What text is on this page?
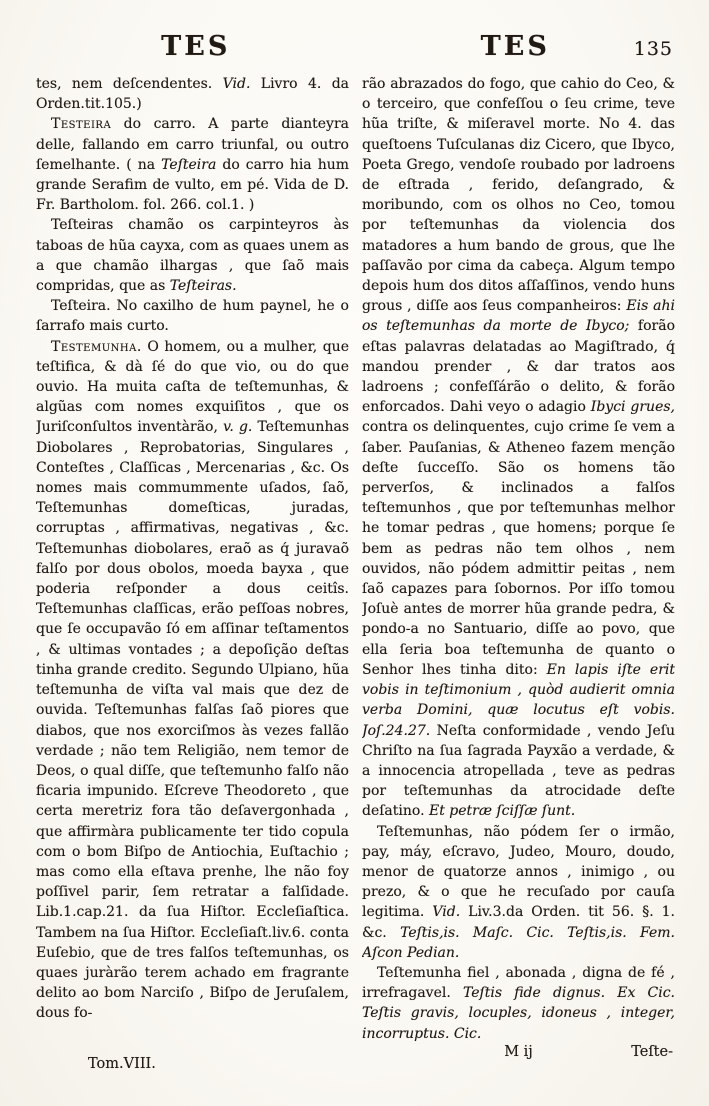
TES	TES	135

tes, nem deſcendentes. Vid. Livro 4. da Orden.tit.105.)

Testeira do carro. A parte dianteyra delle, fallando em carro triunfal, ou outro ſemelhante. ( na Teſteira do carro hia hum grande Serafim de vulto, em pé. Vida de D. Fr. Bartholom. fol. 266. col.1. )

Teſteiras chamão os carpinteyros às taboas de hũa cayxa, com as quaes unem as a que chamão ilhargas , que ſaõ mais compridas, que as Teſteiras.

Teſteira. No caxilho de hum paynel, he o ſarrafo mais curto.

Testemunha. O homem, ou a mulher, que teſtifica, & dà ſé do que vio, ou do que ouvio. Ha muita caſta de teſtemunhas, & algũas com nomes exquiſitos , que os Juriſconſultos inventàrão, v. g. Teſtemunhas Diobolares , Reprobatorias, Singulares , Conteſtes , Claſſicas , Mercenarias , &c. Os nomes mais commummente uſados, ſaõ, Teſtemunhas domeſticas, juradas, corruptas , affirmativas, negativas , &c. Teſtemunhas diobolares, eraõ as q́ juravaõ falſo por dous obolos, moeda bayxa , que poderia reſponder a dous ceitîs. Teſtemunhas claſſicas, erão peſſoas nobres, que ſe occupavão ſó em aſſinar teſtamentos , & ultimas vontades ; a depoſição deſtas tinha grande credito. Segundo Ulpiano, hũa teſtemunha de viſta val mais que dez de ouvida. Teſtemunhas falſas ſaõ piores que diabos, que nos exorciſmos às vezes fallão verdade ; não tem Religião, nem temor de Deos, o qual diſſe, que teſtemunho falſo não ficaria impunido. Eſcreve Theodoreto , que certa meretriz fora tão deſavergonhada , que affirmàra publicamente ter tido copula com o bom Biſpo de Antiochia, Euſtachio ; mas como ella eſtava prenhe, lhe não foy poſſivel parir, ſem retratar a falſidade. Lib.1.cap.21. da ſua Hiſtor. Eccleſiaſtica. Tambem na ſua Hiſtor. Eccleſiaſt.liv.6. conta Euſebio, que de tres falſos teſtemunhas, os quaes juràrão terem achado em fragrante delito ao bom Narciſo , Biſpo de Jeruſalem, dous fo-

Tom.VIII.

rão abrazados do fogo, que cahio do Ceo, & o terceiro, que confeſſou o ſeu crime, teve hũa triſte, & miſeravel morte. No 4. das queſtoens Tuſculanas diz Cicero, que Ibyco, Poeta Grego, vendoſe roubado por ladroens de eſtrada , ferido, deſangrado, & moribundo, com os olhos no Ceo, tomou por teſtemunhas da violencia dos matadores a hum bando de grous, que lhe paſſavão por cima da cabeça. Algum tempo depois hum dos ditos aſſaſſinos, vendo huns grous , diſſe aos ſeus companheiros: Eis ahi os teſtemunhas da morte de Ibyco; forão eſtas palavras delatadas ao Magiſtrado, q́ mandou prender , & dar tratos aos ladroens ; confeſſárão o delito, & forão enforcados. Dahi veyo o adagio Ibyci grues, contra os delinquentes, cujo crime ſe vem a ſaber. Pauſanias, & Atheneo fazem menção deſte ſucceſſo. São os homens tão perverſos, & inclinados a falſos teſtemunhos , que por teſtemunhas melhor he tomar pedras , que homens; porque ſe bem as pedras não tem olhos , nem ouvidos, não pódem admittir peitas , nem ſaõ capazes para ſobornos. Por iſſo tomou Joſuè antes de morrer hũa grande pedra, & pondo-a no Santuario, diſſe ao povo, que ella ſeria boa teſtemunha de quanto o Senhor lhes tinha dito: En lapis iſte erit vobis in teſtimonium , quòd audierit omnia verba Domini, quæ locutus eſt vobis. Joſ.24.27. Neſta conformidade , vendo Jeſu Chriſto na ſua ſagrada Payxão a verdade, & a innocencia atropellada , teve as pedras por teſtemunhas da atrocidade deſte deſatino. Et petræ ſciſſæ ſunt.

Teſtemunhas, não pódem ſer o irmão, pay, máy, eſcravo, Judeo, Mouro, doudo, menor de quatorze annos , inimigo , ou prezo, & o que he recuſado por cauſa legitima. Vid. Liv.3.da Orden. tit 56. §. 1. &c. Teſtis,is. Maſc. Cic. Teſtis,is. Fem. Aſcon Pedian.

Teſtemunha fiel , abonada , digna de fé , irrefragavel. Teſtis fide dignus. Ex Cic. Teſtis gravis, locuples, idoneus , integer, incorruptus. Cic.

M ij	Teſte-
